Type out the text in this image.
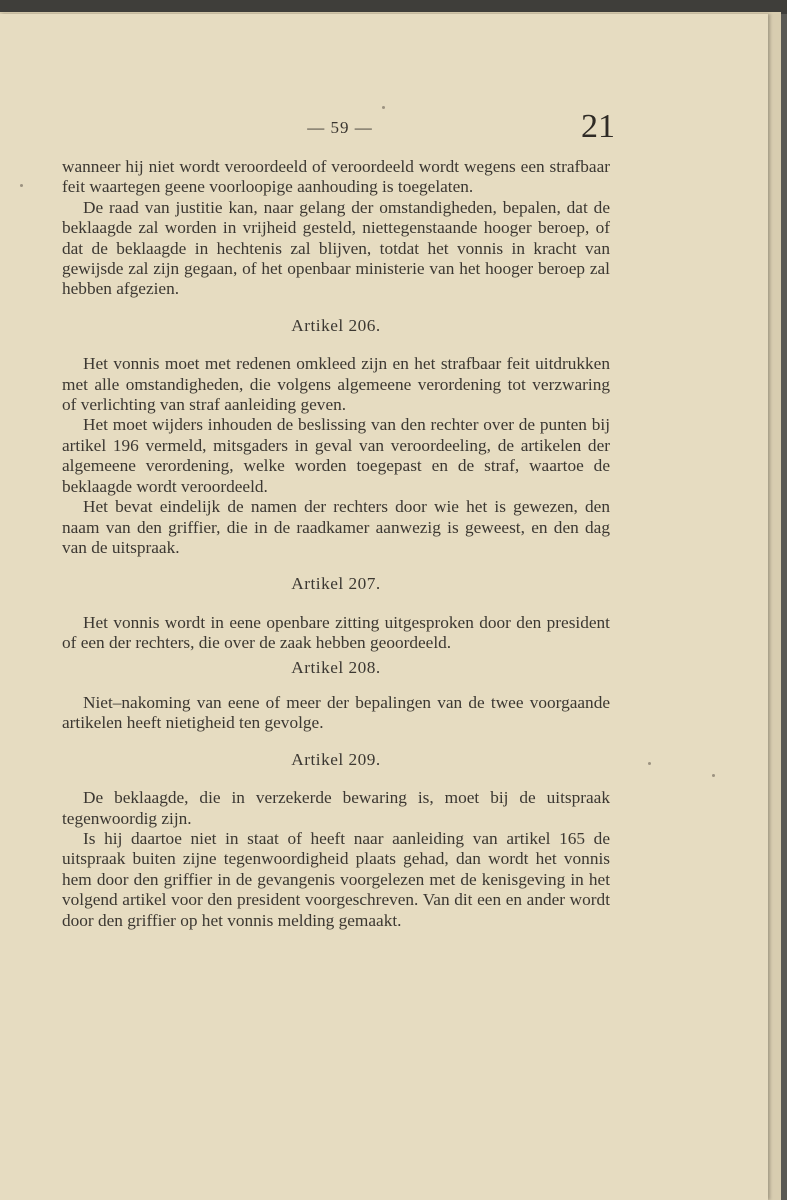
— 59 —	21

wanneer hij niet wordt veroordeeld of veroordeeld wordt wegens een strafbaar feit waartegen geene voorloopige aanhouding is toegelaten.

De raad van justitie kan, naar gelang der omstandigheden, bepalen, dat de beklaagde zal worden in vrijheid gesteld, niettegenstaande hooger beroep, of dat de beklaagde in hechtenis zal blijven, totdat het vonnis in kracht van gewijsde zal zijn gegaan, of het openbaar ministerie van het hooger beroep zal hebben afgezien.

Artikel 206.

Het vonnis moet met redenen omkleed zijn en het strafbaar feit uitdrukken met alle omstandigheden, die volgens algemeene verordening tot verzwaring of verlichting van straf aanleiding geven.

Het moet wijders inhouden de beslissing van den rechter over de punten bij artikel 196 vermeld, mitsgaders in geval van veroordeeling, de artikelen der algemeene verordening, welke worden toegepast en de straf, waartoe de beklaagde wordt veroordeeld.

Het bevat eindelijk de namen der rechters door wie het is gewezen, den naam van den griffier, die in de raadkamer aanwezig is geweest, en den dag van de uitspraak.

Artikel 207.

Het vonnis wordt in eene openbare zitting uitgesproken door den president of een der rechters, die over de zaak hebben geoordeeld.

Artikel 208.

Niet–nakoming van eene of meer der bepalingen van de twee voorgaande artikelen heeft nietigheid ten gevolge.

Artikel 209.

De beklaagde, die in verzekerde bewaring is, moet bij de uitspraak tegenwoordig zijn.

Is hij daartoe niet in staat of heeft naar aanleiding van artikel 165 de uitspraak buiten zijne tegenwoordigheid plaats gehad, dan wordt het vonnis hem door den griffier in de gevangenis voorgelezen met de kenisgeving in het volgend artikel voor den president voorgeschreven. Van dit een en ander wordt door den griffier op het vonnis melding gemaakt.
